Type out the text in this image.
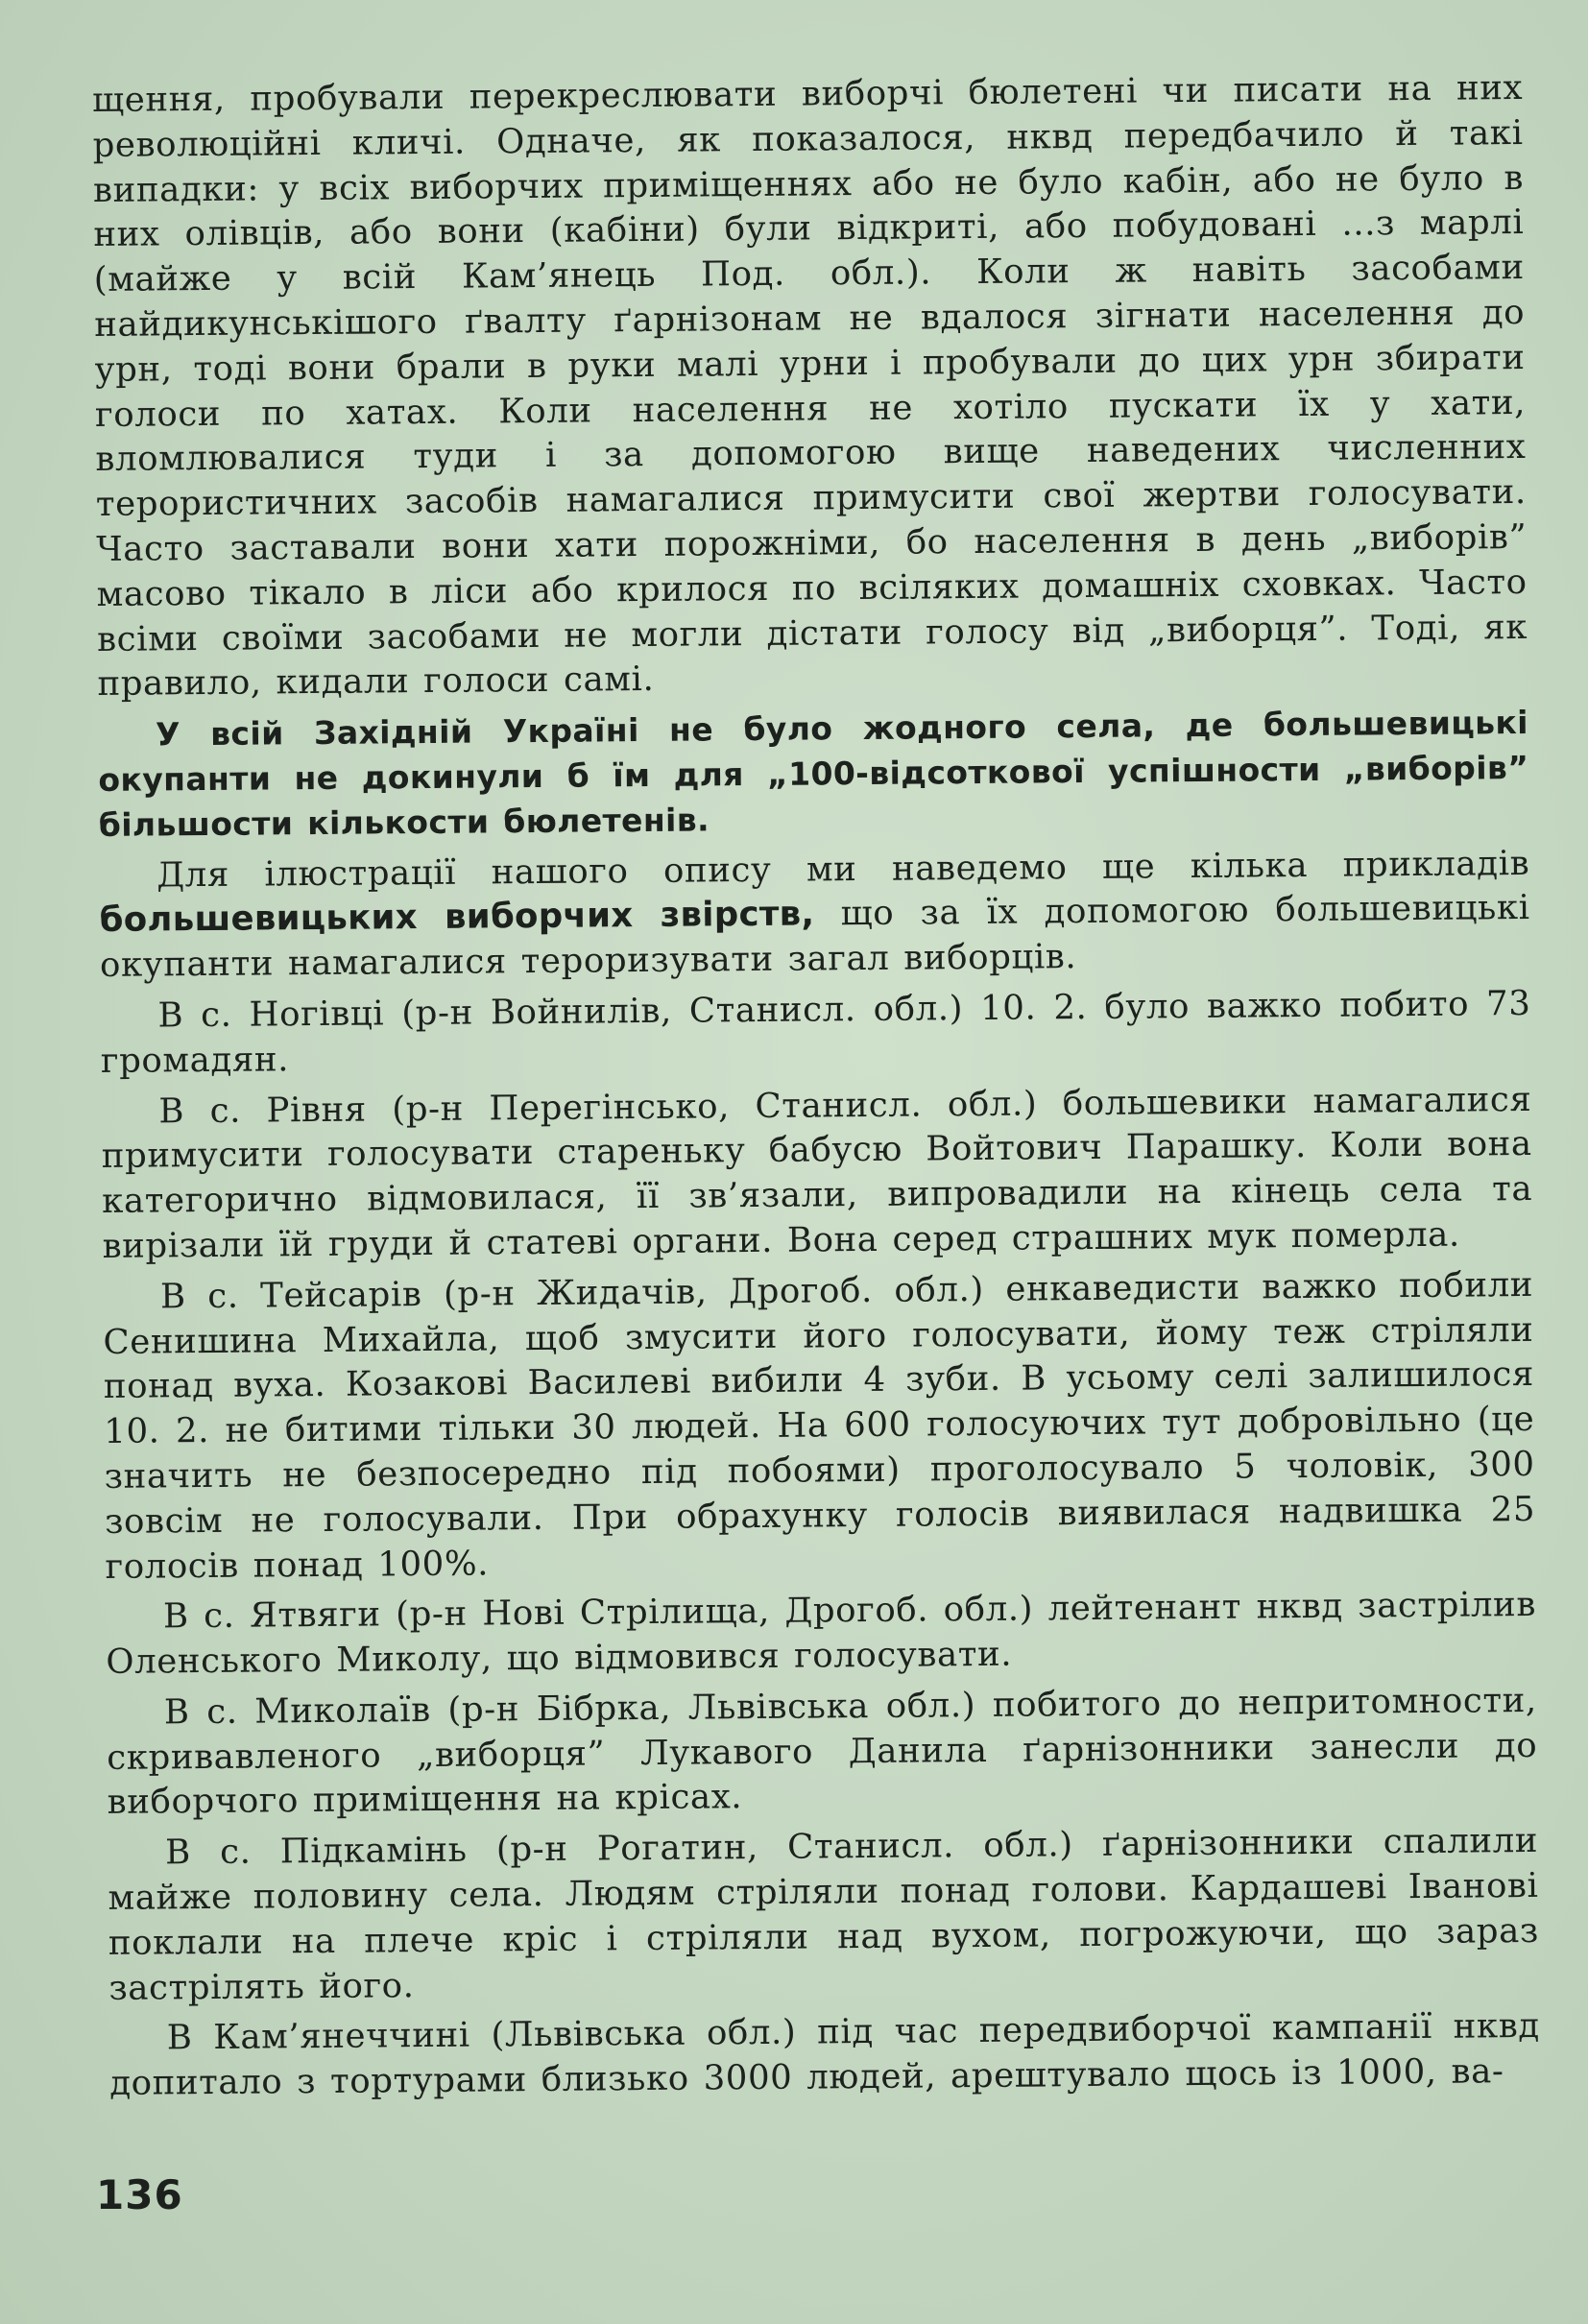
щення, пробували перекреслювати виборчі бюлетені чи писати на них революційні кличі. Одначе, як показалося, нквд передбачило й такі випадки: у всіх виборчих приміщеннях або не було кабін, або не було в них олівців, або вони (кабіни) були відкриті, або побудовані ...з марлі (майже у всій Кам’янець Под. обл.). Коли ж навіть засобами найдикунськішого ґвалту ґарнізонам не вдалося зігнати населення до урн, тоді вони брали в руки малі урни і пробували до цих урн збирати голоси по хатах. Коли населення не хотіло пускати їх у хати, вломлювалися туди і за допомогою вище наведених численних терористичних засобів намагалися примусити свої жертви голосувати. Часто заставали вони хати порожніми, бо населення в день „виборів” масово тікало в ліси або крилося по всіляких домашніх сховках. Часто всіми своїми засобами не могли дістати голосу від „виборця”. Тоді, як правило, кидали голоси самі.

У всій Західній Україні не було жодного села, де большевицькі окупанти не докинули б їм для „100-відсоткової успішности „виборів” більшости кількости бюлетенів.

Для ілюстрації нашого опису ми наведемо ще кілька прикладів большевицьких виборчих звірств, що за їх допомогою большевицькі окупанти намагалися тероризувати загал виборців.

В с. Ногівці (р-н Войнилів, Станисл. обл.) 10. 2. було важко побито 73 громадян.

В с. Рівня (р-н Перегінсько, Станисл. обл.) большевики намагалися примусити голосувати стареньку бабусю Войтович Парашку. Коли вона категорично відмовилася, її зв’язали, випровадили на кінець села та вирізали їй груди й статеві органи. Вона серед страшних мук померла.

В с. Тейсарів (р-н Жидачів, Дрогоб. обл.) енкаведисти важко побили Сенишина Михайла, щоб змусити його голосувати, йому теж стріляли понад вуха. Козакові Василеві вибили 4 зуби. В усьому селі залишилося 10. 2. не битими тільки 30 людей. На 600 голосуючих тут добровільно (це значить не безпосередно під побоями) проголосувало 5 чоловік, 300 зовсім не голосували. При обрахунку голосів виявилася надвишка 25 голосів понад 100%.

В с. Ятвяги (р-н Нові Стрілища, Дрогоб. обл.) лейтенант нквд застрілив Оленського Миколу, що відмовився голосувати.

В с. Миколаїв (р-н Бібрка, Львівська обл.) побитого до непритомности, скривавленого „виборця” Лукавого Данила ґарнізонники занесли до виборчого приміщення на крісах.

В с. Підкамінь (р-н Рогатин, Станисл. обл.) ґарнізонники спалили майже половину села. Людям стріляли понад голови. Кардашеві Іванові поклали на плече кріс і стріляли над вухом, погрожуючи, що зараз застрілять його.

В Кам’янеччині (Львівська обл.) під час передвиборчої кампанії нквд допитало з тортурами близько 3000 людей, арештувало щось із 1000, ва-

136
